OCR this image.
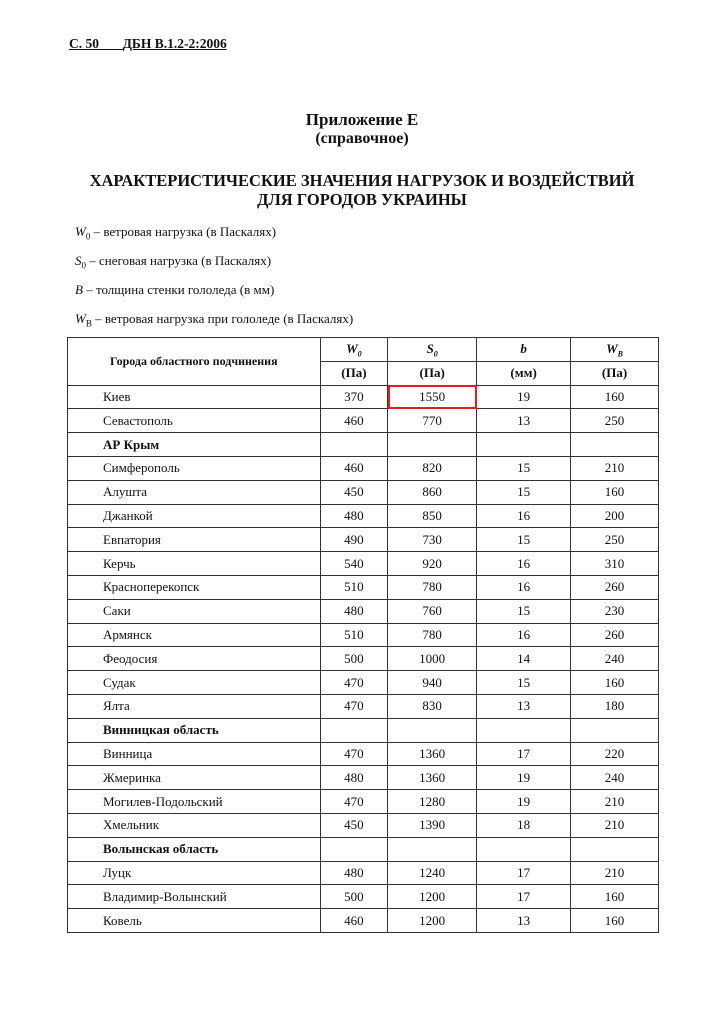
С. 50 ДБН В.1.2-2:2006
Приложение Е
(справочное)
ХАРАКТЕРИСТИЧЕСКИЕ ЗНАЧЕНИЯ НАГРУЗОК И ВОЗДЕЙСТВИЙ
ДЛЯ ГОРОДОВ УКРАИНЫ
$W_0$ – ветровая нагрузка (в Паскалях)
$S_0$ – снеговая нагрузка (в Паскалях)
B – толщина стенки гололеда (в мм)
$W_B$ – ветровая нагрузка при гололеде (в Паскалях)
Города областного подчинения	$W_0$	$S_0$	b	$W_B$
	(Па)	(Па)	(мм)	(Па)
Киев	370	1550	19	160
Севастополь	460	770	13	250
АР Крым				
Симферополь	460	820	15	210
Алушта	450	860	15	160
Джанкой	480	850	16	200
Евпатория	490	730	15	250
Керчь	540	920	16	310
Красноперекопск	510	780	16	260
Саки	480	760	15	230
Армянск	510	780	16	260
Феодосия	500	1000	14	240
Судак	470	940	15	160
Ялта	470	830	13	180
Винницкая область				
Винница	470	1360	17	220
Жмеринка	480	1360	19	240
Могилев-Подольский	470	1280	19	210
Хмельник	450	1390	18	210
Волынская область				
Луцк	480	1240	17	210
Владимир-Волынский	500	1200	17	160
Ковель	460	1200	13	160
